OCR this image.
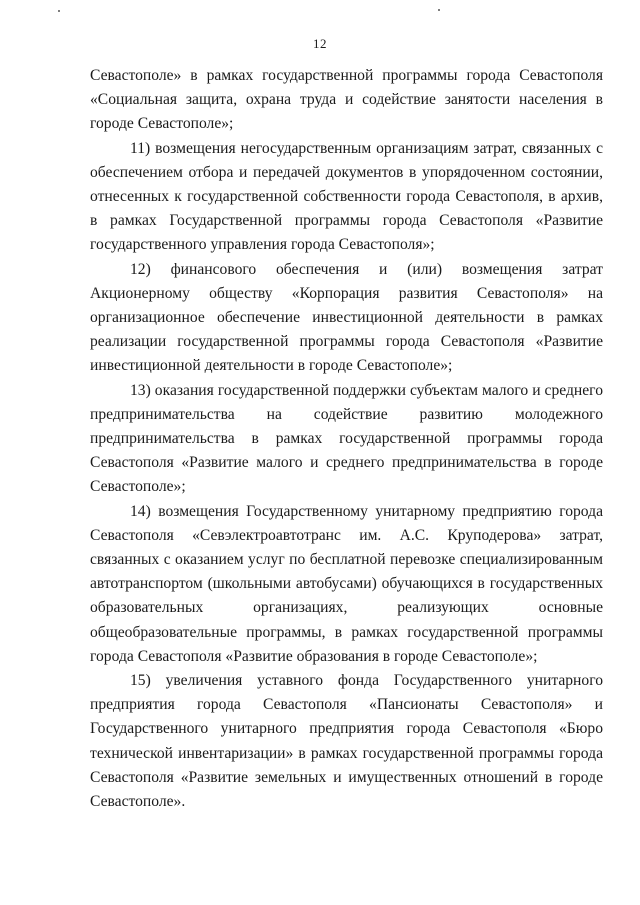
12

Севастополе» в рамках государственной программы города Севастополя «Социальная защита, охрана труда и содействие занятости населения в городе Севастополе»;

11) возмещения негосударственным организациям затрат, связанных с обеспечением отбора и передачей документов в упорядоченном состоянии, отнесенных к государственной собственности города Севастополя, в архив, в рамках Государственной программы города Севастополя «Развитие государственного управления города Севастополя»;

12) финансового обеспечения и (или) возмещения затрат Акционерному обществу «Корпорация развития Севастополя» на организационное обеспечение инвестиционной деятельности в рамках реализации государственной программы города Севастополя «Развитие инвестиционной деятельности в городе Севастополе»;

13) оказания государственной поддержки субъектам малого и среднего предпринимательства на содействие развитию молодежного предпринимательства в рамках государственной программы города Севастополя «Развитие малого и среднего предпринимательства в городе Севастополе»;

14) возмещения Государственному унитарному предприятию города Севастополя «Севэлектроавтотранс им. А.С. Круподерова» затрат, связанных с оказанием услуг по бесплатной перевозке специализированным автотранспортом (школьными автобусами) обучающихся в государственных образовательных организациях, реализующих основные общеобразовательные программы, в рамках государственной программы города Севастополя «Развитие образования в городе Севастополе»;

15) увеличения уставного фонда Государственного унитарного предприятия города Севастополя «Пансионаты Севастополя» и Государственного унитарного предприятия города Севастополя «Бюро технической инвентаризации» в рамках государственной программы города Севастополя «Развитие земельных и имущественных отношений в городе Севастополе».
